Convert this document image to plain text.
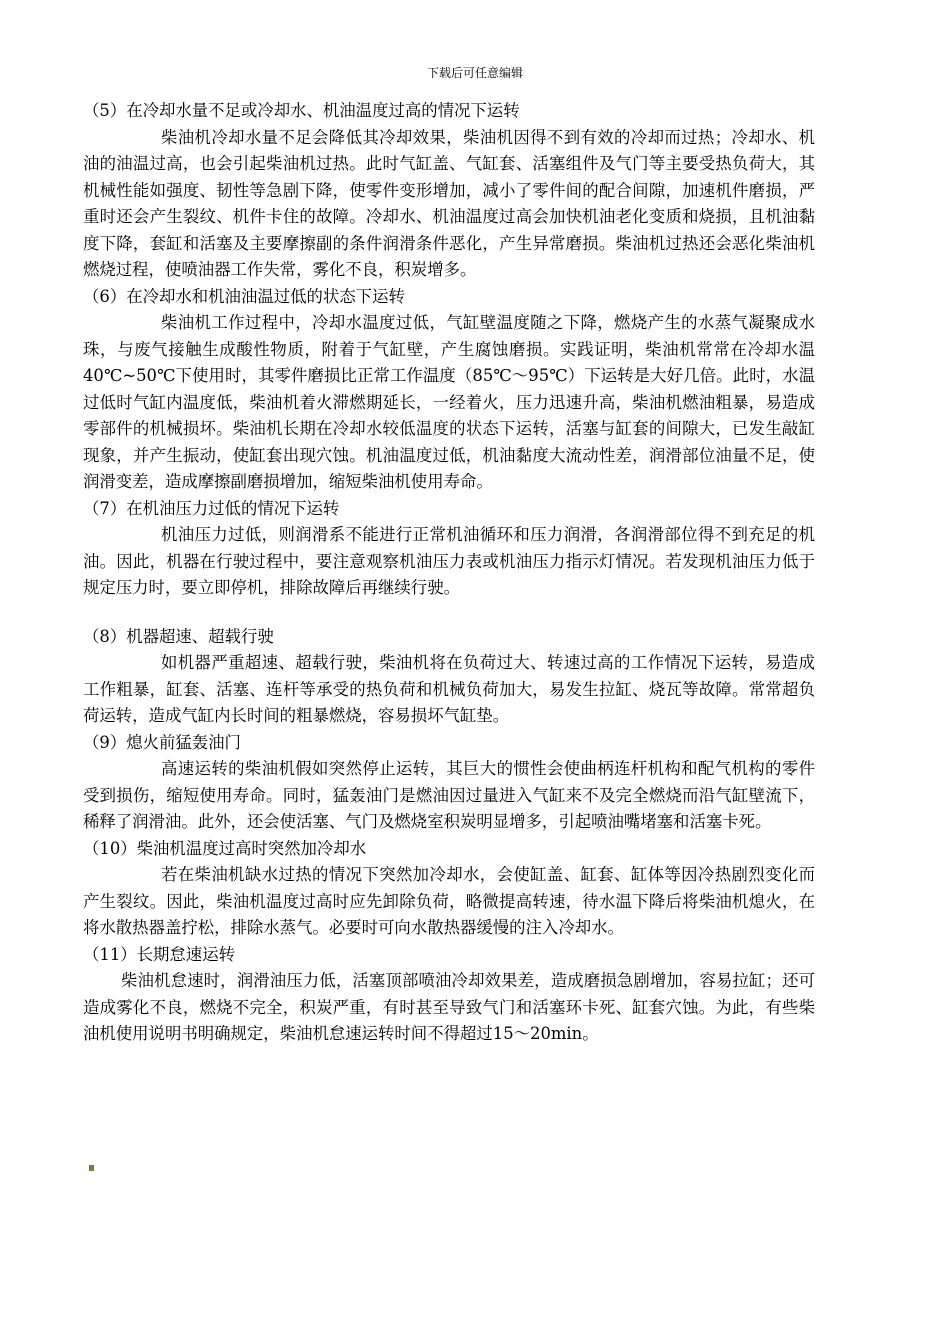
下载后可任意编辑

（5）在冷却水量不足或冷却水、机油温度过高的情况下运转

柴油机冷却水量不足会降低其冷却效果，柴油机因得不到有效的冷却而过热；冷却水、机油的油温过高，也会引起柴油机过热。此时气缸盖、气缸套、活塞组件及气门等主要受热负荷大，其机械性能如强度、韧性等急剧下降，使零件变形增加，减小了零件间的配合间隙，加速机件磨损，严重时还会产生裂纹、机件卡住的故障。冷却水、机油温度过高会加快机油老化变质和烧损，且机油黏度下降，套缸和活塞及主要摩擦副的条件润滑条件恶化，产生异常磨损。柴油机过热还会恶化柴油机燃烧过程，使喷油器工作失常，雾化不良，积炭增多。

（6）在冷却水和机油油温过低的状态下运转

柴油机工作过程中，冷却水温度过低，气缸壁温度随之下降，燃烧产生的水蒸气凝聚成水　珠，与废气接触生成酸性物质，附着于气缸壁，产生腐蚀磨损。实践证明，柴油机常常在冷却水温40℃~50℃下使用时，其零件磨损比正常工作温度（85℃～95℃）下运转是大好几倍。此时，水温过低时气缸内温度低，柴油机着火滞燃期延长，一经着火，压力迅速升高，柴油机燃油粗暴，易造成零部件的机械损坏。柴油机长期在冷却水较低温度的状态下运转，活塞与缸套的间隙大，已发生敲缸现象，并产生振动，使缸套出现穴蚀。机油温度过低，机油黏度大流动性差，润滑部位油量不足，使润滑变差，造成摩擦副磨损增加，缩短柴油机使用寿命。

（7）在机油压力过低的情况下运转

机油压力过低，则润滑系不能进行正常机油循环和压力润滑，各润滑部位得不到充足的机油。因此，机器在行驶过程中，要注意观察机油压力表或机油压力指示灯情况。若发现机油压力低于规定压力时，要立即停机，排除故障后再继续行驶。

（8）机器超速、超载行驶

如机器严重超速、超载行驶，柴油机将在负荷过大、转速过高的工作情况下运转，易造成工作粗暴，缸套、活塞、连杆等承受的热负荷和机械负荷加大，易发生拉缸、烧瓦等故障。常常超负荷运转，造成气缸内长时间的粗暴燃烧，容易损坏气缸垫。

（9）熄火前猛轰油门

高速运转的柴油机假如突然停止运转，其巨大的惯性会使曲柄连杆机构和配气机构的零件受到损伤，缩短使用寿命。同时，猛轰油门是燃油因过量进入气缸来不及完全燃烧而沿气缸壁流下，稀释了润滑油。此外，还会使活塞、气门及燃烧室积炭明显增多，引起喷油嘴堵塞和活塞卡死。

（10）柴油机温度过高时突然加冷却水

若在柴油机缺水过热的情况下突然加冷却水，会使缸盖、缸套、缸体等因冷热剧烈变化而产生裂纹。因此，柴油机温度过高时应先卸除负荷，略微提高转速，待水温下降后将柴油机熄火，在将水散热器盖拧松，排除水蒸气。必要时可向水散热器缓慢的注入冷却水。

（11）长期怠速运转

柴油机怠速时，润滑油压力低，活塞顶部喷油冷却效果差，造成磨损急剧增加，容易拉缸；还可造成雾化不良，燃烧不完全，积炭严重，有时甚至导致气门和活塞环卡死、缸套穴蚀。为此，有些柴油机使用说明书明确规定，柴油机怠速运转时间不得超过15～20min。
